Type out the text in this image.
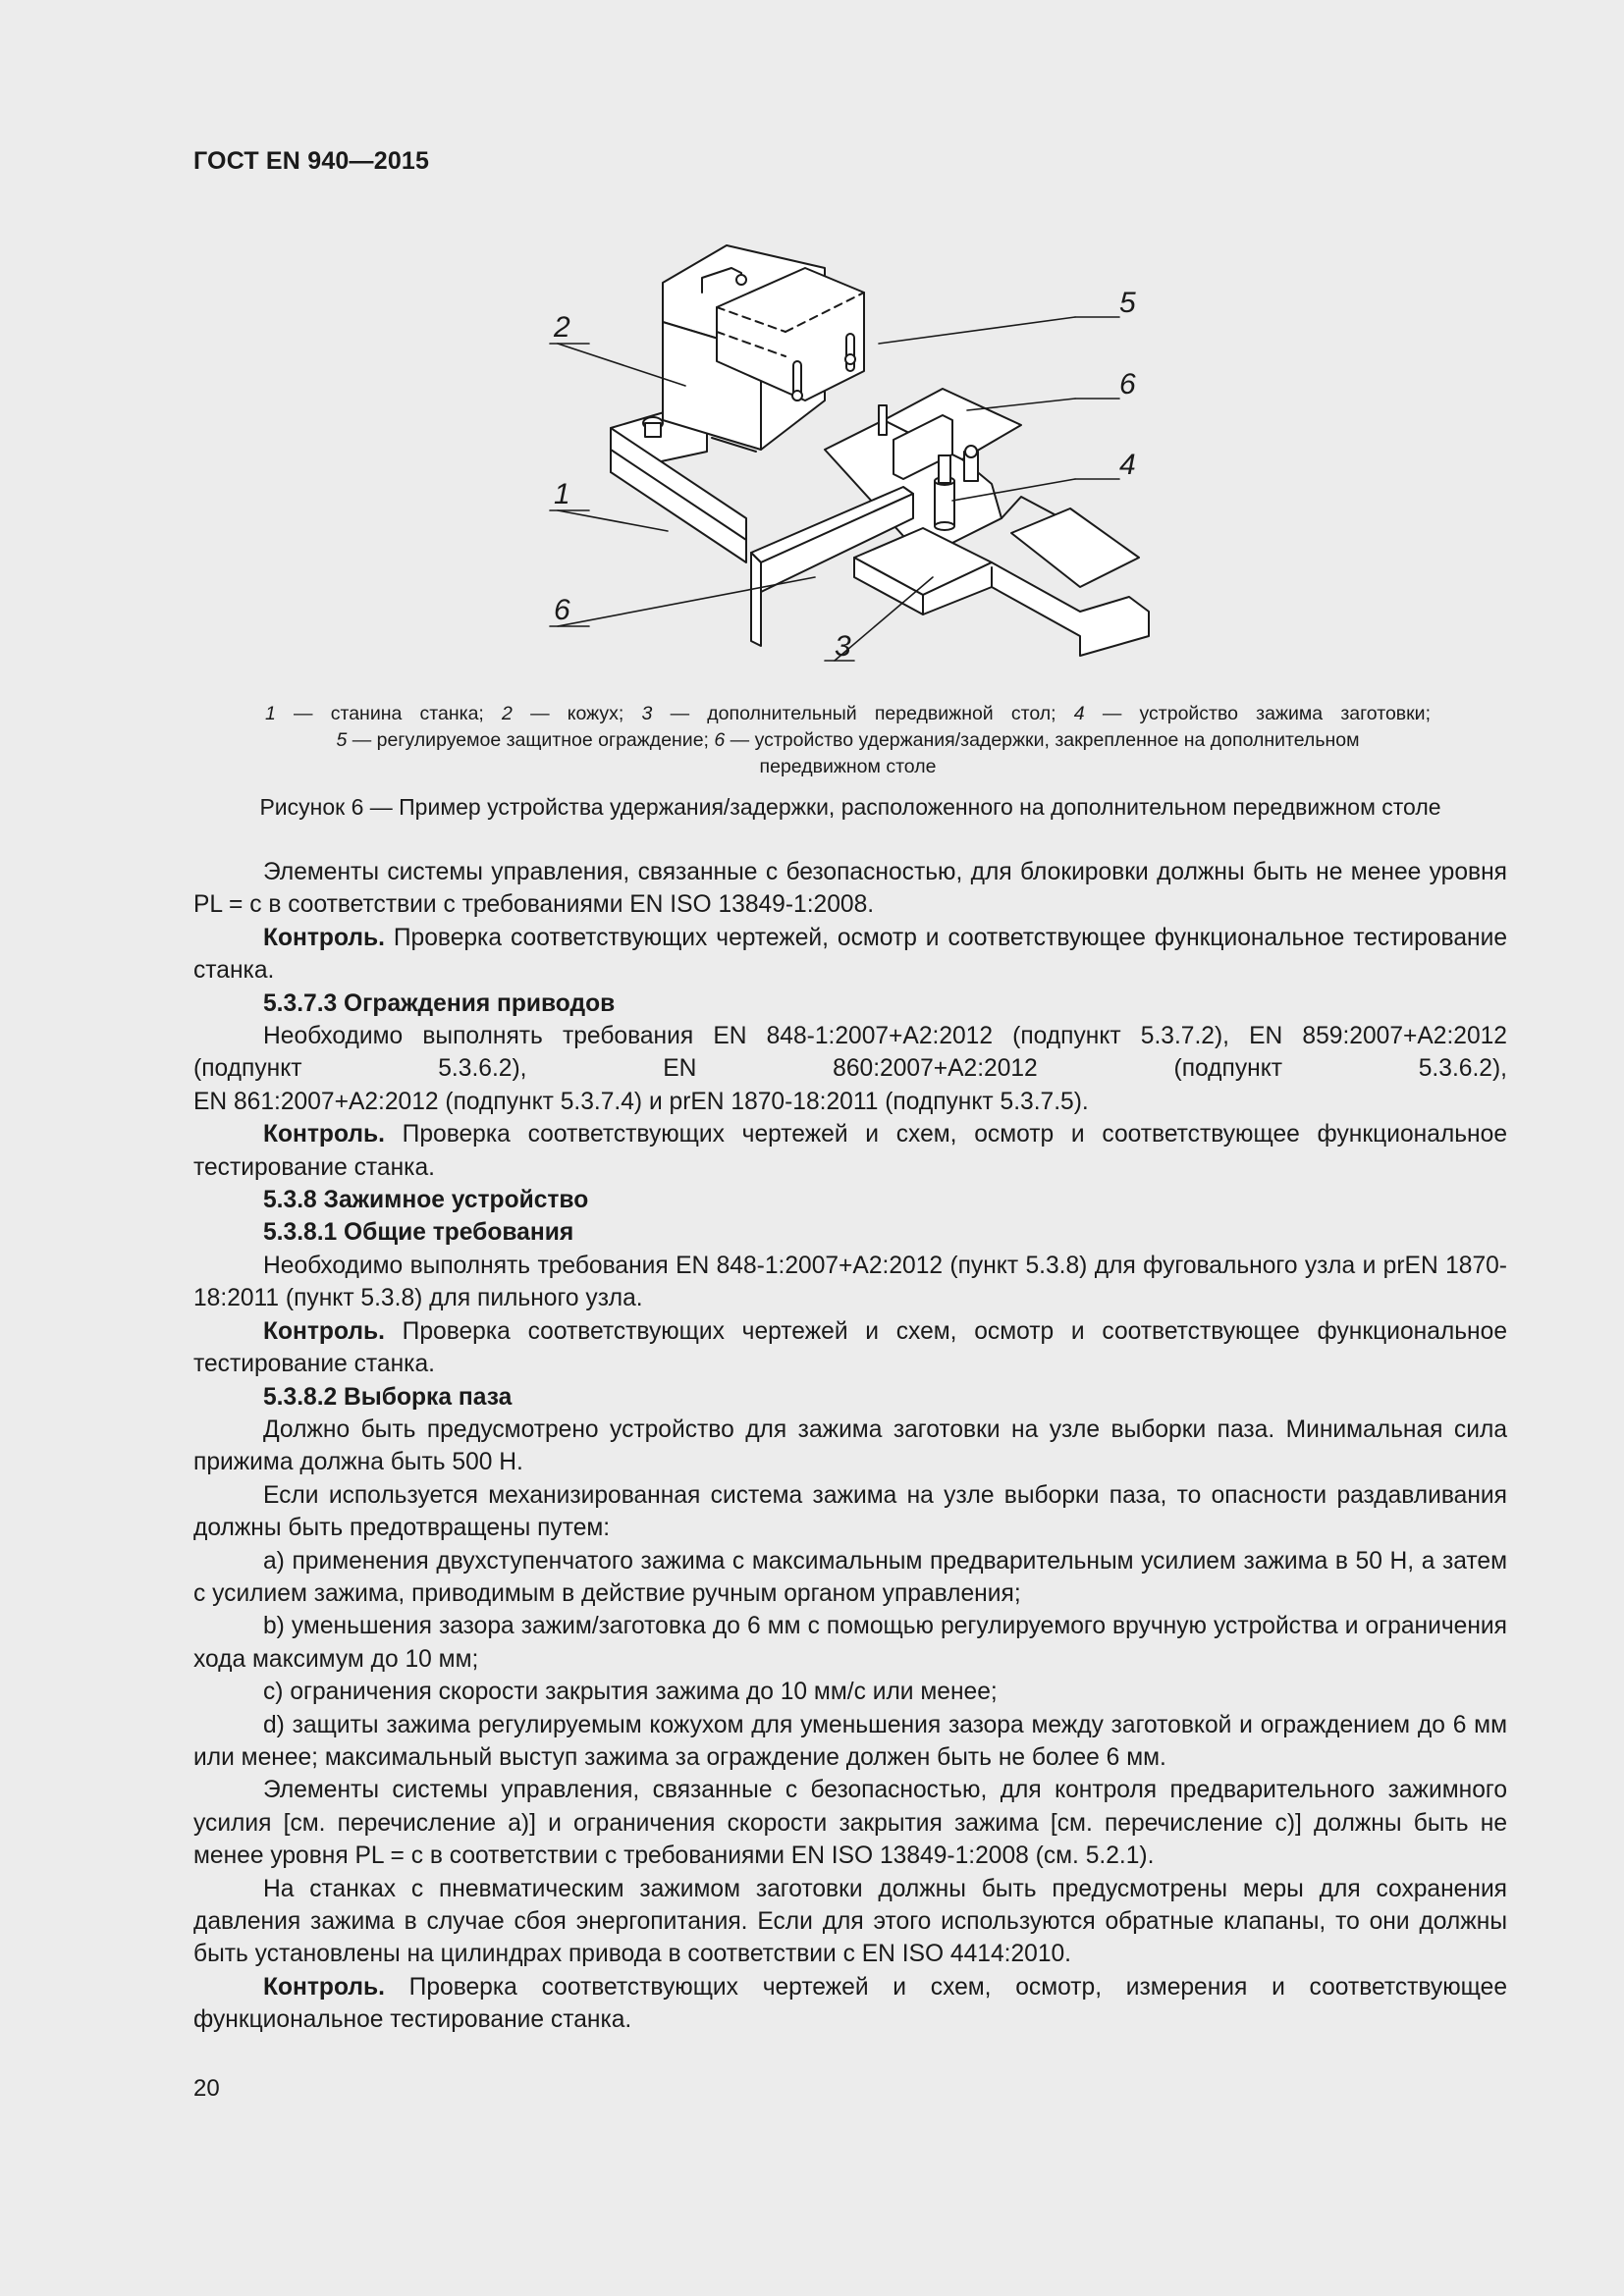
ГОСТ EN 940—2015
1
2
3
4
5
6
6
1 — станина станка; 2 — кожух; 3 — дополнительный передвижной стол; 4 — устройство зажима заготовки;
5 — регулируемое защитное ограждение; 6 — устройство удержания/задержки, закрепленное на дополнительном
передвижном столе
Рисунок 6 — Пример устройства удержания/задержки, расположенного на дополнительном передвижном столе

Элементы системы управления, связанные с безопасностью, для блокировки должны быть не менее уровня PL = c в соответствии с требованиями EN ISO 13849-1:2008.

Контроль. Проверка соответствующих чертежей, осмотр и соответствующее функциональное тестирование станка.

5.3.7.3 Ограждения приводов

Необходимо выполнять требования EN 848-1:2007+A2:2012 (подпункт 5.3.7.2), EN 859:2007+A2:2012 (подпункт 5.3.6.2), EN 860:2007+A2:2012 (подпункт 5.3.6.2),

EN 861:2007+A2:2012 (подпункт 5.3.7.4) и prEN 1870-18:2011 (подпункт 5.3.7.5).

Контроль. Проверка соответствующих чертежей и схем, осмотр и соответствующее функциональное тестирование станка.

5.3.8 Зажимное устройство

5.3.8.1 Общие требования

Необходимо выполнять требования EN 848-1:2007+A2:2012 (пункт 5.3.8) для фуговального узла и prEN 1870-18:2011 (пункт 5.3.8) для пильного узла.

Контроль. Проверка соответствующих чертежей и схем, осмотр и соответствующее функциональное тестирование станка.

5.3.8.2 Выборка паза

Должно быть предусмотрено устройство для зажима заготовки на узле выборки паза. Минимальная сила прижима должна быть 500 Н.

Если используется механизированная система зажима на узле выборки паза, то опасности раздавливания должны быть предотвращены путем:

a) применения двухступенчатого зажима с максимальным предварительным усилием зажима в 50 Н, а затем с усилием зажима, приводимым в действие ручным органом управления;

b) уменьшения зазора зажим/заготовка до 6 мм с помощью регулируемого вручную устройства и ограничения хода максимум до 10 мм;

c) ограничения скорости закрытия зажима до 10 мм/с или менее;

d) защиты зажима регулируемым кожухом для уменьшения зазора между заготовкой и ограждением до 6 мм или менее; максимальный выступ зажима за ограждение должен быть не более 6 мм.

Элементы системы управления, связанные с безопасностью, для контроля предварительного зажимного усилия [см. перечисление a)] и ограничения скорости закрытия зажима [см. перечисление c)] должны быть не менее уровня PL = c в соответствии с требованиями EN ISO 13849-1:2008 (см. 5.2.1).

На станках с пневматическим зажимом заготовки должны быть предусмотрены меры для сохранения давления зажима в случае сбоя энергопитания. Если для этого используются обратные клапаны, то они должны быть установлены на цилиндрах привода в соответствии с EN ISO 4414:2010.

Контроль. Проверка соответствующих чертежей и схем, осмотр, измерения и соответствующее функциональное тестирование станка.

20
